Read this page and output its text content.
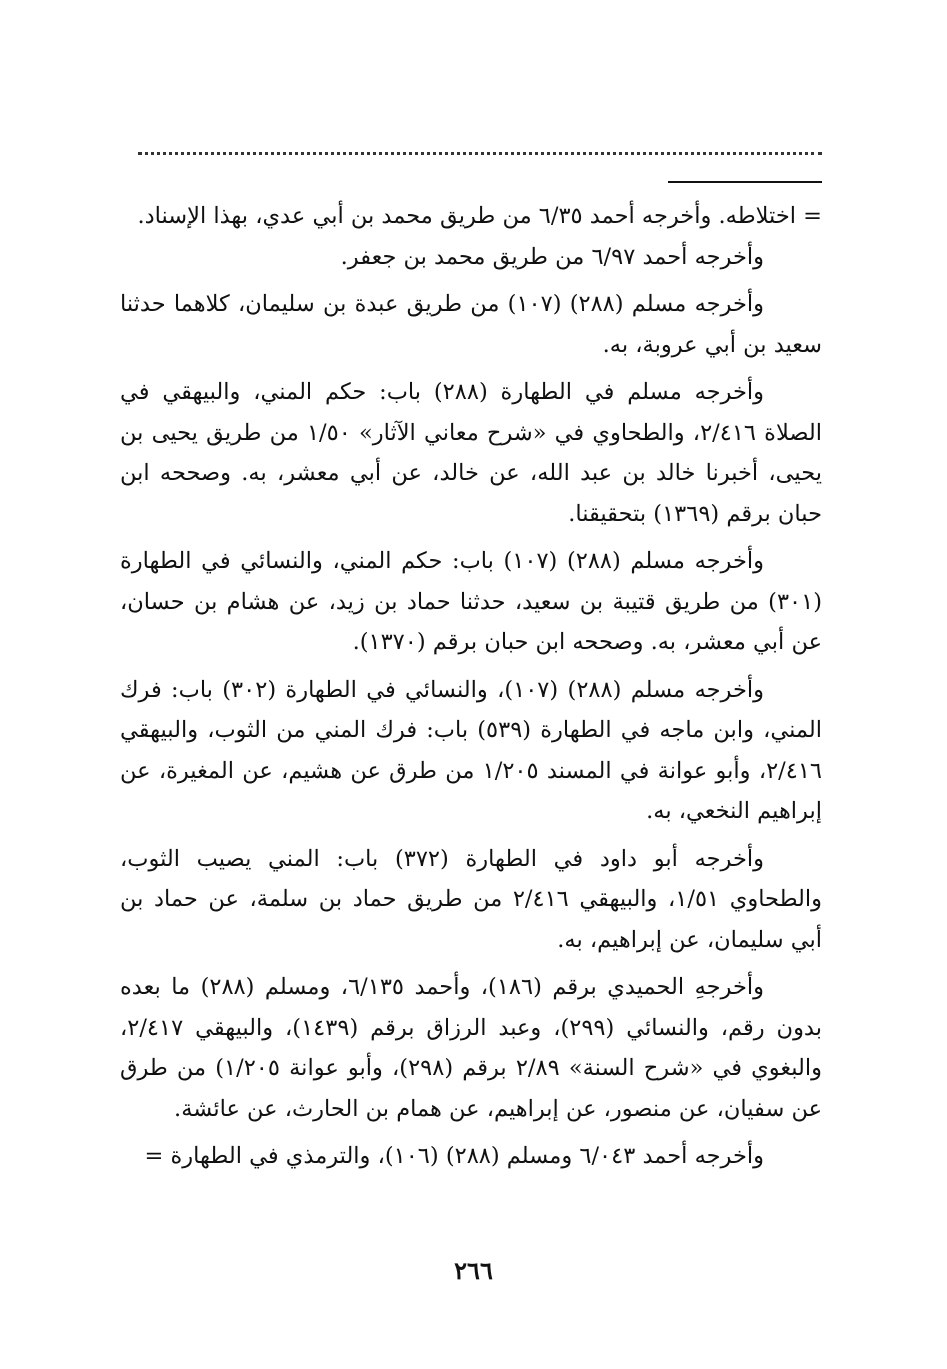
= اختلاطه. وأخرجه أحمد ٦/٣٥ من طريق محمد بن أبي عدي، بهذا الإسناد.

وأخرجه أحمد ٦/٩٧ من طريق محمد بن جعفر.

وأخرجه مسلم (٢٨٨) (١٠٧) من طريق عبدة بن سليمان، كلاهما حدثنا سعيد بن أبي عروبة، به.

وأخرجه مسلم في الطهارة (٢٨٨) باب: حكم المني، والبيهقي في الصلاة ٢/٤١٦، والطحاوي في «شرح معاني الآثار» ١/٥٠ من طريق يحيى بن يحيى، أخبرنا خالد بن عبد الله، عن خالد، عن أبي معشر، به. وصححه ابن حبان برقم (١٣٦٩) بتحقيقنا.

وأخرجه مسلم (٢٨٨) (١٠٧) باب: حكم المني، والنسائي في الطهارة (٣٠١) من طريق قتيبة بن سعيد، حدثنا حماد بن زيد، عن هشام بن حسان، عن أبي معشر، به. وصححه ابن حبان برقم (١٣٧٠).

وأخرجه مسلم (٢٨٨) (١٠٧)، والنسائي في الطهارة (٣٠٢) باب: فرك المني، وابن ماجه في الطهارة (٥٣٩) باب: فرك المني من الثوب، والبيهقي ٢/٤١٦، وأبو عوانة في المسند ١/٢٠٥ من طرق عن هشيم، عن المغيرة، عن إبراهيم النخعي، به.

وأخرجه أبو داود في الطهارة (٣٧٢) باب: المني يصيب الثوب، والطحاوي ١/٥١، والبيهقي ٢/٤١٦ من طريق حماد بن سلمة، عن حماد بن أبي سليمان، عن إبراهيم، به.

وأخرجهِ الحميدي برقم (١٨٦)، وأحمد ٦/١٣٥، ومسلم (٢٨٨) ما بعده بدون رقم، والنسائي (٢٩٩)، وعبد الرزاق برقم (١٤٣٩)، والبيهقي ٢/٤١٧، والبغوي في «شرح السنة» ٢/٨٩ برقم (٢٩٨)، وأبو عوانة ١/٢٠٥) من طرق عن سفيان، عن منصور، عن إبراهيم، عن همام بن الحارث، عن عائشة.

وأخرجه أحمد ٦/٠٤٣ ومسلم (٢٨٨) (١٠٦)، والترمذي في الطهارة =

٢٦٦
